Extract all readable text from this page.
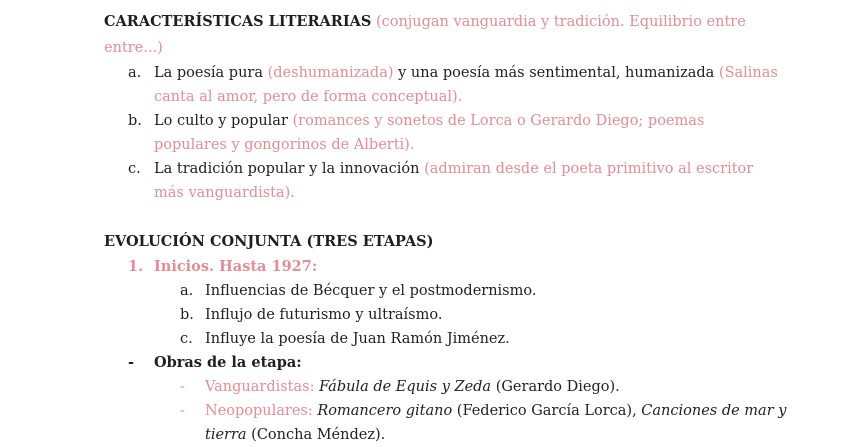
CARACTERÍSTICAS LITERARIAS (conjugan vanguardia y tradición. Equilibrio entre
entre...)
a. La poesía pura (deshumanizada) y una poesía más sentimental, humanizada (Salinas
canta al amor, pero de forma conceptual).
b. Lo culto y popular (romances y sonetos de Lorca o Gerardo Diego; poemas
populares y gongorinos de Alberti).
c. La tradición popular y la innovación (admiran desde el poeta primitivo al escritor
más vanguardista).
EVOLUCIÓN CONJUNTA (TRES ETAPAS)
1. Inicios. Hasta 1927:
a. Influencias de Bécquer y el postmodernismo.
b. Influjo de futurismo y ultraísmo.
c. Influye la poesía de Juan Ramón Jiménez.
- Obras de la etapa:
- Vanguardistas: Fábula de Equis y Zeda (Gerardo Diego).
- Neopopulares: Romancero gitano (Federico García Lorca), Canciones de mar y
tierra (Concha Méndez).
